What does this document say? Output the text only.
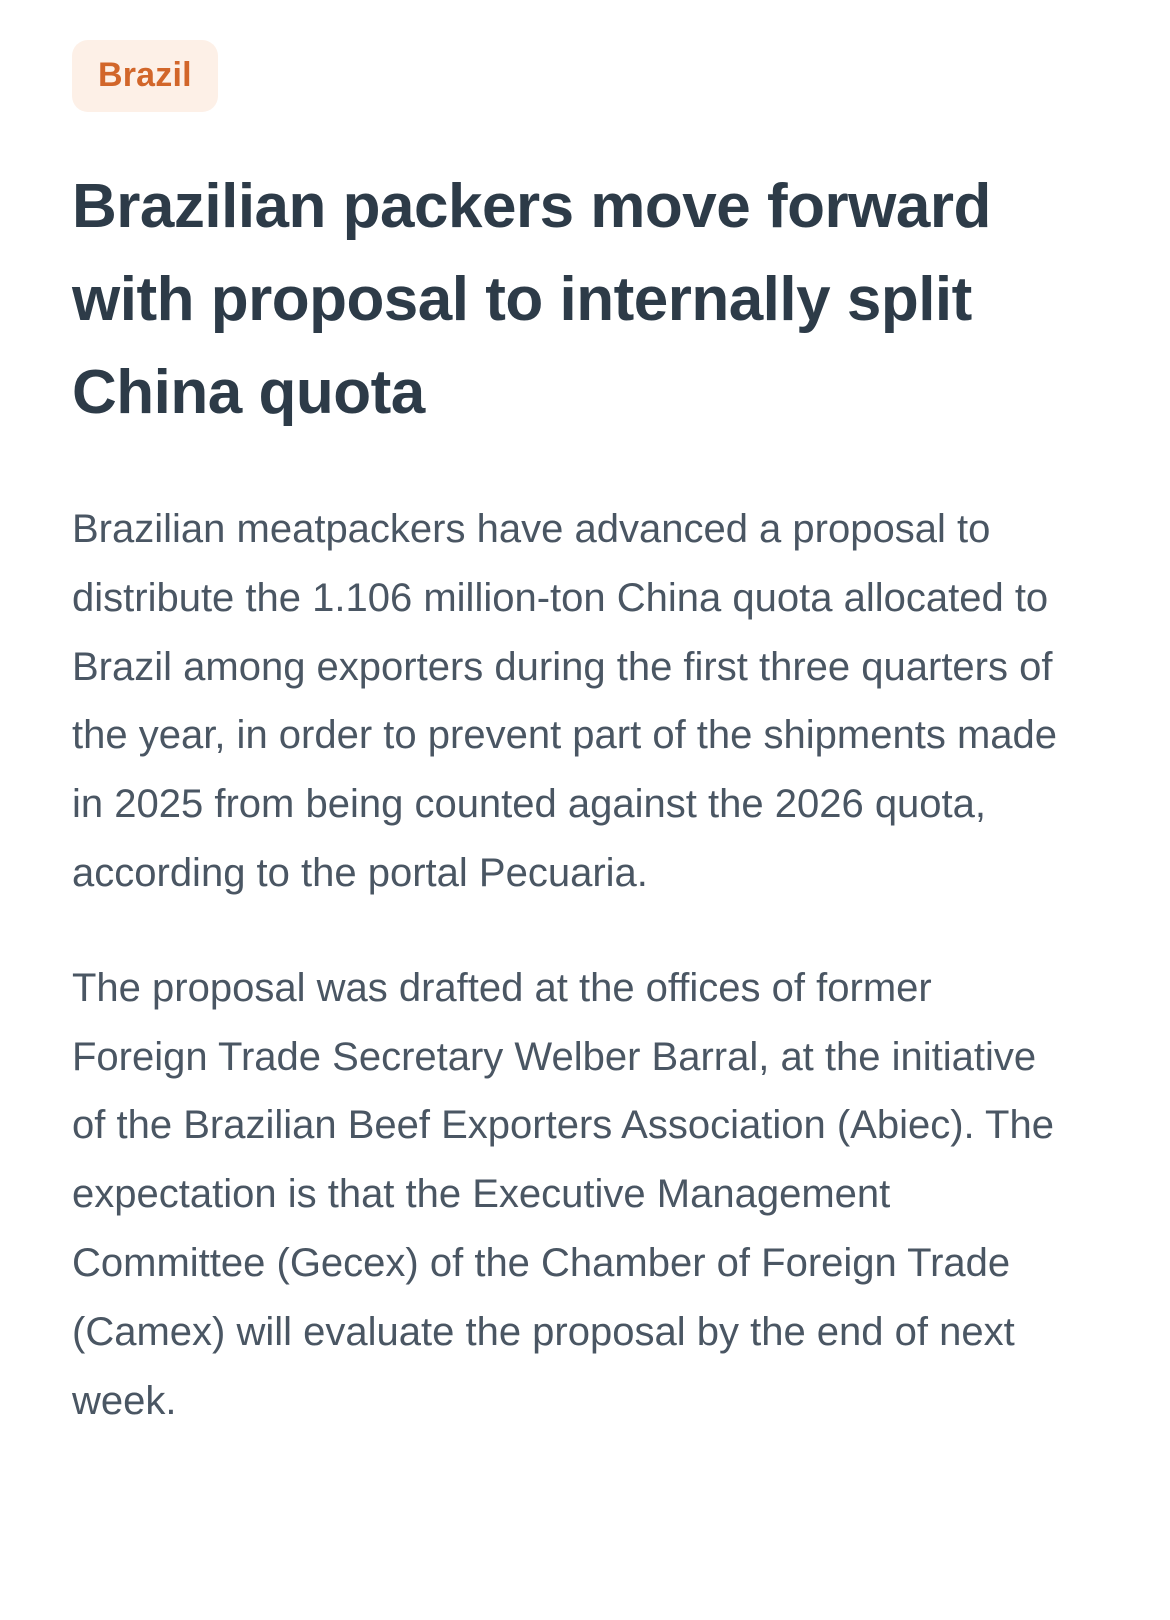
Brazil
Brazilian packers move forward with proposal to internally split China quota

Brazilian meatpackers have advanced a proposal to distribute the 1.106 million-ton China quota allocated to Brazil among exporters during the first three quarters of the year, in order to prevent part of the shipments made in 2025 from being counted against the 2026 quota, according to the portal Pecuaria.

The proposal was drafted at the offices of former Foreign Trade Secretary Welber Barral, at the initiative of the Brazilian Beef Exporters Association (Abiec). The expectation is that the Executive Management Committee (Gecex) of the Chamber of Foreign Trade (Camex) will evaluate the proposal by the end of next week.
